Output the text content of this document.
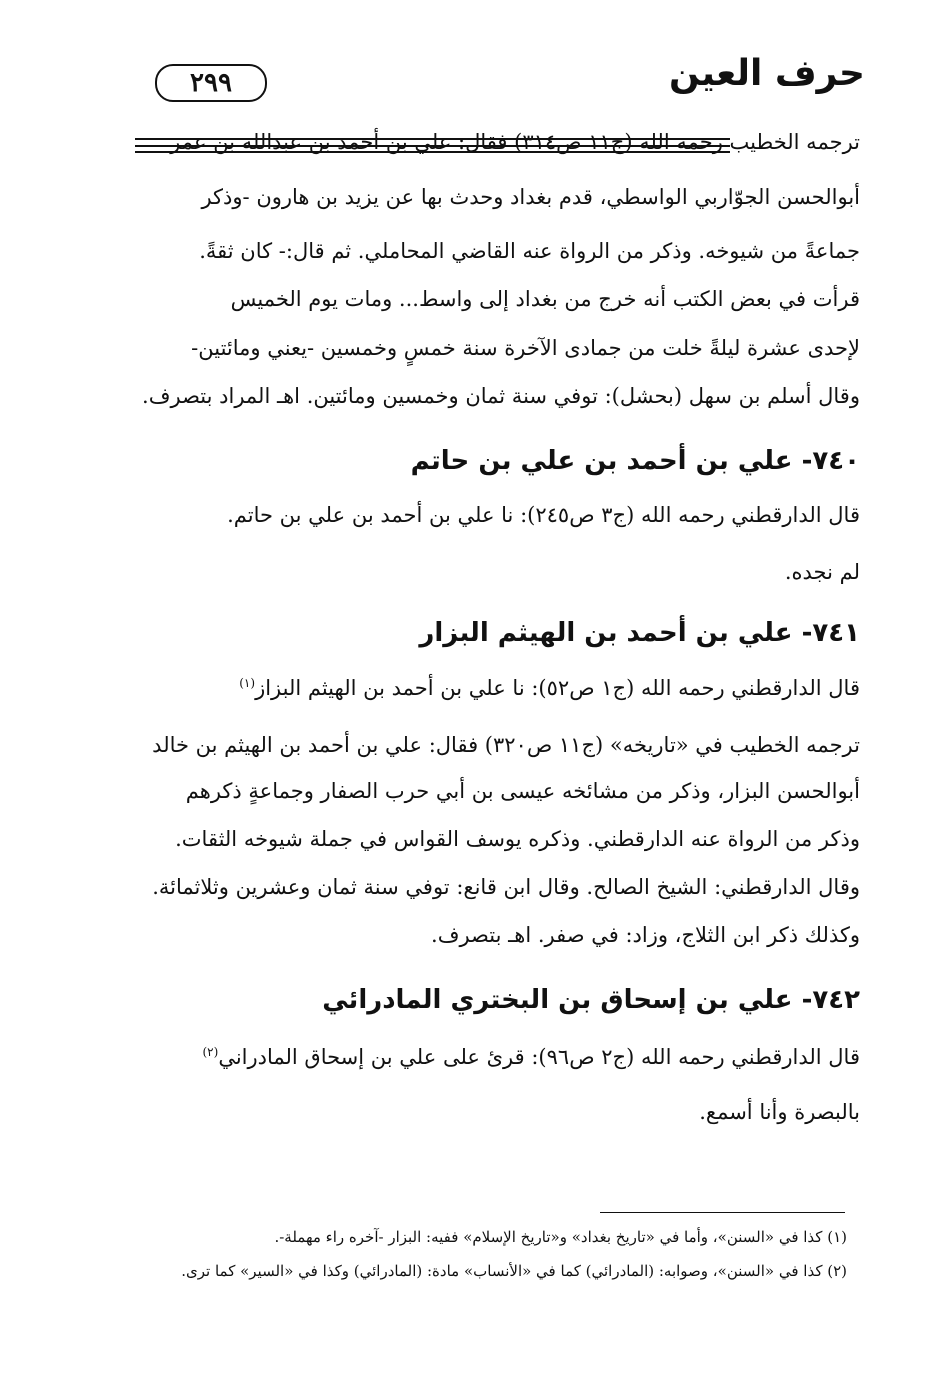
٢٩٩	حرف العين
ترجمه الخطيب رحمه الله (ج١١ ص٣١٤) فقال: علي بن أحمد بن عبدالله بن عمر
أبوالحسن الجوّاربي الواسطي، قدم بغداد وحدث بها عن يزيد بن هارون -وذكر
جماعةً من شيوخه. وذكر من الرواة عنه القاضي المحاملي. ثم قال:- كان ثقةً.
قرأت في بعض الكتب أنه خرج من بغداد إلى واسط... ومات يوم الخميس
لإحدى عشرة ليلةً خلت من جمادى الآخرة سنة خمسٍ وخمسين -يعني ومائتين-
وقال أسلم بن سهل (بحشل): توفي سنة ثمان وخمسين ومائتين. اهـ المراد بتصرف.
٧٤٠- علي بن أحمد بن علي بن حاتم
قال الدارقطني رحمه الله (ج٣ ص٢٤٥): نا علي بن أحمد بن علي بن حاتم.
لم نجده.
٧٤١- علي بن أحمد بن الهيثم البزار
قال الدارقطني رحمه الله (ج١ ص٥٢): نا علي بن أحمد بن الهيثم البزاز$^{(١)}$
ترجمه الخطيب في «تاريخه» (ج١١ ص٣٢٠) فقال: علي بن أحمد بن الهيثم بن خالد
أبوالحسن البزار، وذكر من مشائخه عيسى بن أبي حرب الصفار وجماعةٍ ذكرهم
وذكر من الرواة عنه الدارقطني. وذكره يوسف القواس في جملة شيوخه الثقات.
وقال الدارقطني: الشيخ الصالح. وقال ابن قانع: توفي سنة ثمان وعشرين وثلاثمائة.
وكذلك ذكر ابن الثلاج، وزاد: في صفر. اهـ بتصرف.
٧٤٢- علي بن إسحاق بن البختري المادرائي
قال الدارقطني رحمه الله (ج٢ ص٩٦): قرئ على علي بن إسحاق المادراني$^{(٢)}$
بالبصرة وأنا أسمع.
(١) كذا في «السنن»، وأما في «تاريخ بغداد» و«تاريخ الإسلام» ففيه: البزار -آخره راء مهملة-.
(٢) كذا في «السنن»، وصوابه: (المادرائي) كما في «الأنساب» مادة: (المادرائي) وكذا في «السير» كما ترى.
